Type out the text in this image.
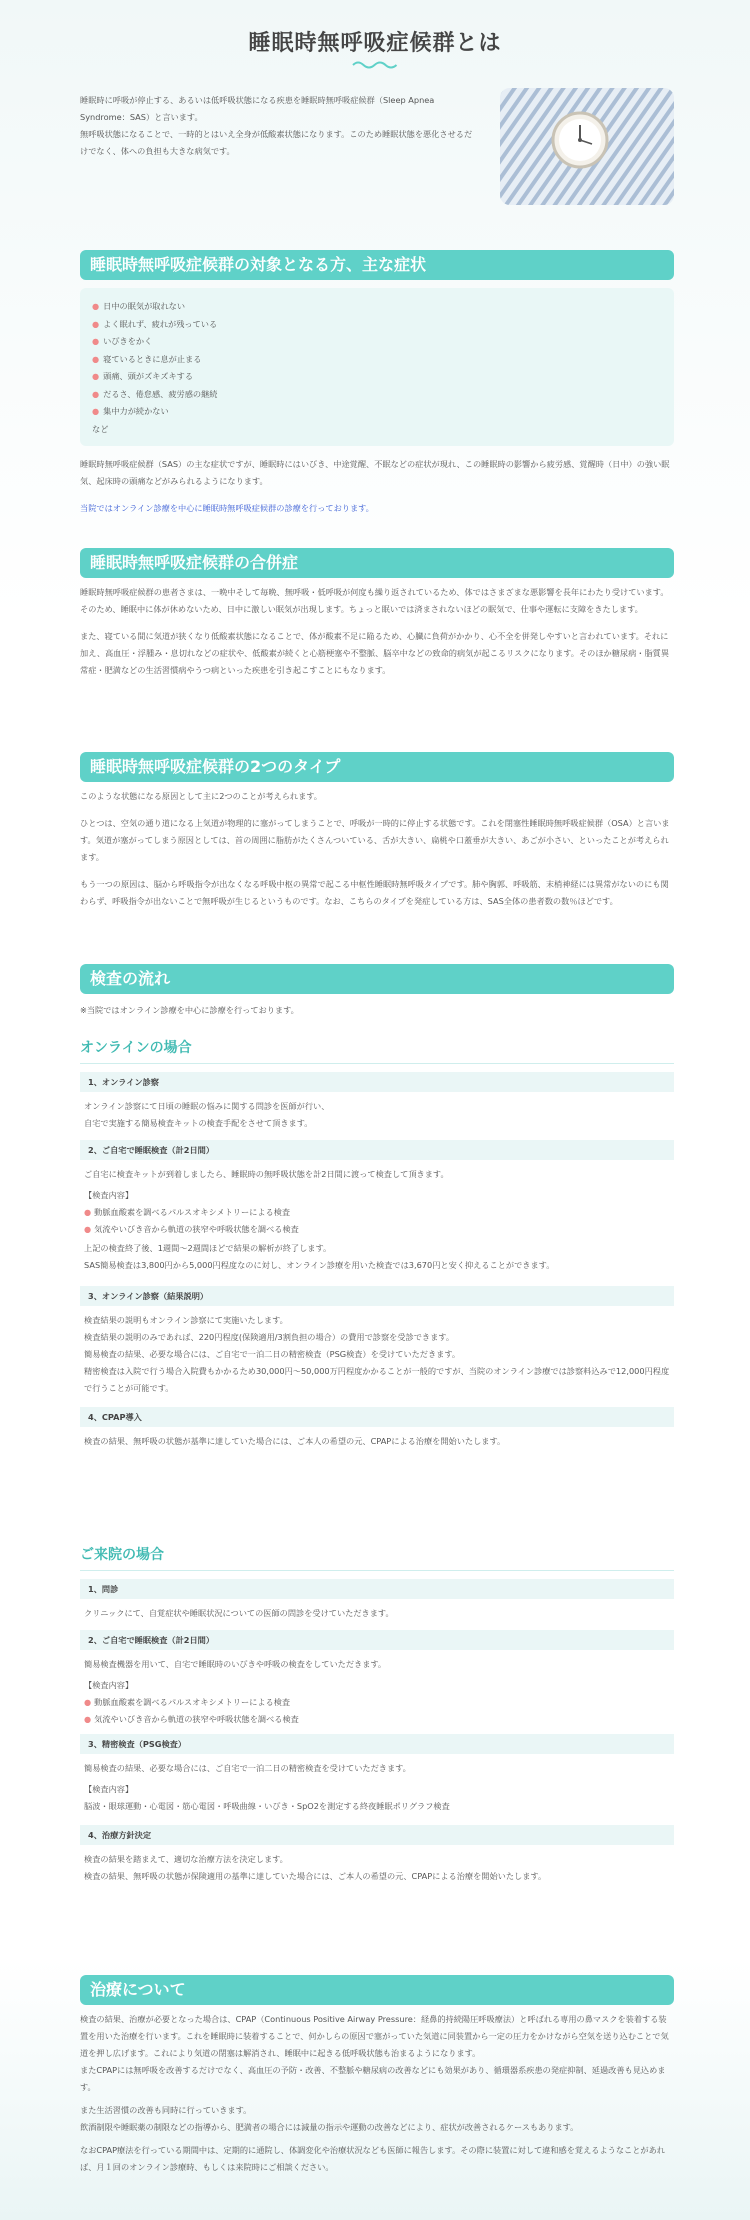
睡眠時無呼吸症候群とは

睡眠時に呼吸が停止する、あるいは低呼吸状態になる疾患を睡眠時無呼吸症候群（Sleep Apnea Syndrome：SAS）と言います。

無呼吸状態になることで、一時的とはいえ全身が低酸素状態になります。このため睡眠状態を悪化させるだけでなく、体への負担も大きな病気です。

睡眠時無呼吸症候群の対象となる方、主な症状
● 日中の眠気が取れない
● よく眠れず、疲れが残っている
● いびきをかく
● 寝ているときに息が止まる
● 頭痛、頭がズキズキする
● だるさ、倦怠感、疲労感の継続
● 集中力が続かない
など

睡眠時無呼吸症候群（SAS）の主な症状ですが、睡眠時にはいびき、中途覚醒、不眠などの症状が現れ、この睡眠時の影響から疲労感、覚醒時（日中）の強い眠気、起床時の頭痛などがみられるようになります。

当院ではオンライン診療を中心に睡眠時無呼吸症候群の診療を行っております。

睡眠時無呼吸症候群の合併症

睡眠時無呼吸症候群の患者さまは、一晩中そして毎晩、無呼吸・低呼吸が何度も繰り返されているため、体ではさまざまな悪影響を長年にわたり受けています。

そのため、睡眠中に体が休めないため、日中に激しい眠気が出現します。ちょっと眠いでは済まされないほどの眠気で、仕事や運転に支障をきたします。

また、寝ている間に気道が狭くなり低酸素状態になることで、体が酸素不足に陥るため、心臓に負荷がかかり、心不全を併発しやすいと言われています。それに加え、高血圧・浮腫み・息切れなどの症状や、低酸素が続くと心筋梗塞や不整脈、脳卒中などの致命的病気が起こるリスクになります。そのほか糖尿病・脂質異常症・肥満などの生活習慣病やうつ病といった疾患を引き起こすことにもなります。

睡眠時無呼吸症候群の2つのタイプ

このような状態になる原因として主に2つのことが考えられます。

ひとつは、空気の通り道になる上気道が物理的に塞がってしまうことで、呼吸が一時的に停止する状態です。これを閉塞性睡眠時無呼吸症候群（OSA）と言います。気道が塞がってしまう原因としては、首の周囲に脂肪がたくさんついている、舌が大きい、扁桃や口蓋垂が大きい、あごが小さい、といったことが考えられます。

もう一つの原因は、脳から呼吸指令が出なくなる呼吸中枢の異常で起こる中枢性睡眠時無呼吸タイプです。肺や胸郭、呼吸筋、末梢神経には異常がないのにも関わらず、呼吸指令が出ないことで無呼吸が生じるというものです。なお、こちらのタイプを発症している方は、SAS全体の患者数の数％ほどです。

検査の流れ

※当院ではオンライン診療を中心に診療を行っております。

オンラインの場合
1、オンライン診察

オンライン診察にて日頃の睡眠の悩みに関する問診を医師が行い、

自宅で実施する簡易検査キットの検査手配をさせて頂きます。

2、ご自宅で睡眠検査（計2日間）

ご自宅に検査キットが到着しましたら、睡眠時の無呼吸状態を計2日間に渡って検査して頂きます。

【検査内容】

● 動脈血酸素を調べるパルスオキシメトリーによる検査

● 気流やいびき音から軌道の狭窄や呼吸状態を調べる検査

上記の検査終了後、1週間〜2週間ほどで結果の解析が終了します。

SAS簡易検査は3,800円から5,000円程度なのに対し、オンライン診療を用いた検査では3,670円と安く抑えることができます。

3、オンライン診察（結果説明）

検査結果の説明もオンライン診察にて実施いたします。

検査結果の説明のみであれば、220円程度(保険適用/3割負担の場合）の費用で診察を受診できます。

簡易検査の結果、必要な場合には、ご自宅で一泊二日の精密検査（PSG検査）を受けていただきます。

精密検査は入院で行う場合入院費もかかるため30,000円〜50,000万円程度かかることが一般的ですが、当院のオンライン診療では診察料込みで12,000円程度で行うことが可能です。

4、CPAP導入

検査の結果、無呼吸の状態が基準に達していた場合には、ご本人の希望の元、CPAPによる治療を開始いたします。

ご来院の場合
1、問診

クリニックにて、自覚症状や睡眠状況についての医師の問診を受けていただきます。

2、ご自宅で睡眠検査（計2日間）

簡易検査機器を用いて、自宅で睡眠時のいびきや呼吸の検査をしていただきます。

【検査内容】

● 動脈血酸素を調べるパルスオキシメトリーによる検査

● 気流やいびき音から軌道の狭窄や呼吸状態を調べる検査

3、精密検査（PSG検査）

簡易検査の結果、必要な場合には、ご自宅で一泊二日の精密検査を受けていただきます。

【検査内容】

脳波・眼球運動・心電図・筋心電図・呼吸曲線・いびき・SpO2を測定する終夜睡眠ポリグラフ検査

4、治療方針決定

検査の結果を踏まえて、適切な治療方法を決定します。

検査の結果、無呼吸の状態が保険適用の基準に達していた場合には、ご本人の希望の元、CPAPによる治療を開始いたします。

治療について

検査の結果、治療が必要となった場合は、CPAP（Continuous Positive Airway Pressure：経鼻的持続陽圧呼吸療法）と呼ばれる専用の鼻マスクを装着する装置を用いた治療を行います。これを睡眠時に装着することで、何かしらの原因で塞がっていた気道に同装置から一定の圧力をかけながら空気を送り込むことで気道を押し広げます。これにより気道の閉塞は解消され、睡眠中に起きる低呼吸状態も治まるようになります。

またCPAPには無呼吸を改善するだけでなく、高血圧の予防・改善、不整脈や糖尿病の改善などにも効果があり、循環器系疾患の発症抑制、延過改善も見込めます。

また生活習慣の改善も同時に行っていきます。

飲酒制限や睡眠薬の制限などの指導から、肥満者の場合には減量の指示や運動の改善などにより、症状が改善されるケースもあります。

なおCPAP療法を行っている期間中は、定期的に通院し、体調変化や治療状況なども医師に報告します。その際に装置に対して違和感を覚えるようなことがあれば、月１回のオンライン診療時、もしくは来院時にご相談ください。
